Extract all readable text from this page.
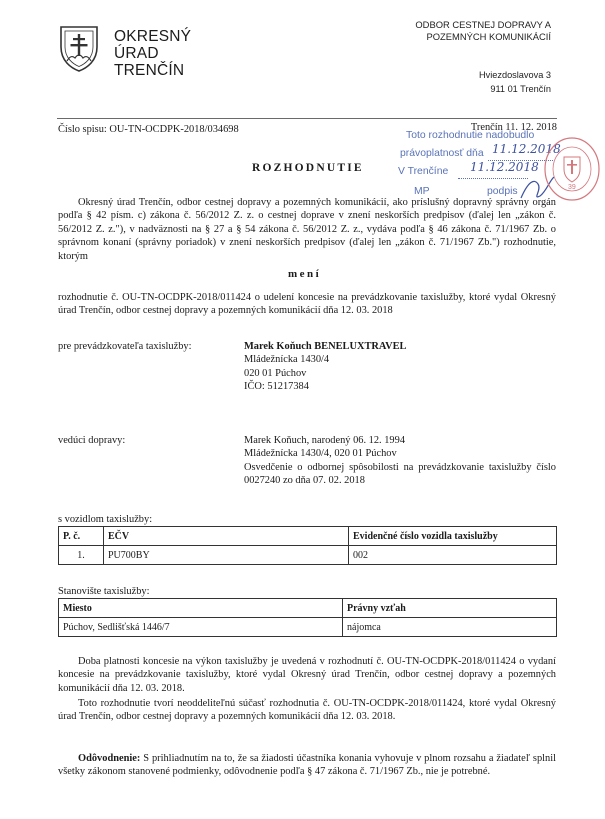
OKRESNÝ
ÚRAD
TRENČÍN
ODBOR CESTNEJ DOPRAVY A
POZEMNÝCH KOMUNIKÁCIÍ
Hviezdoslavova 3
911 01 Trenčín
Číslo spisu: OU-TN-OCDPK-2018/034698	Trenčín 11. 12. 2018
Toto rozhodnutie nadobudlo
právoplatnosť dňa 11.12.2018
V Trenčíne 11.12.2018
MP	podpis	39
ROZHODNUTIE
Okresný úrad Trenčín, odbor cestnej dopravy a pozemných komunikácií, ako príslušný dopravný správny orgán podľa § 42 písm. c) zákona č. 56/2012 Z. z. o cestnej doprave v znení neskorších predpisov (ďalej len „zákon č. 56/2012 Z. z."), v nadväznosti na § 27 a § 54 zákona č. 56/2012 Z. z., vydáva podľa § 46 zákona č. 71/1967 Zb. o správnom konaní (správny poriadok) v znení neskorších predpisov (ďalej len „zákon č. 71/1967 Zb.") rozhodnutie, ktorým
mení
rozhodnutie č. OU-TN-OCDPK-2018/011424 o udelení koncesie na prevádzkovanie taxislužby, ktoré vydal Okresný úrad Trenčín, odbor cestnej dopravy a pozemných komunikácií dňa 12. 03. 2018
pre prevádzkovateľa taxislužby:	Marek Koňuch BENELUXTRAVEL
Mládežnícka 1430/4
020 01 Púchov
IČO: 51217384
vedúci dopravy:	Marek Koňuch, narodený 06. 12. 1994
Mládežnícka 1430/4, 020 01 Púchov
Osvedčenie o odbornej spôsobilosti na prevádzkovanie taxislužby číslo
0027240 zo dňa 07. 02. 2018
s vozidlom taxislužby:
P. č.	EČV	Evidenčné číslo vozidla taxislužby
1.	PU700BY	002
Stanovište taxislužby:
Miesto	Právny vzťah
Púchov, Sedlišťská 1446/7	nájomca
Doba platnosti koncesie na výkon taxislužby je uvedená v rozhodnutí č. OU-TN-OCDPK-2018/011424 o vydaní koncesie na prevádzkovanie taxislužby, ktoré vydal Okresný úrad Trenčín, odbor cestnej dopravy a pozemných komunikácií dňa 12. 03. 2018.
Toto rozhodnutie tvorí neoddeliteľnú súčasť rozhodnutia č. OU-TN-OCDPK-2018/011424, ktoré vydal Okresný úrad Trenčín, odbor cestnej dopravy a pozemných komunikácií dňa 12. 03. 2018.
Odôvodnenie: S prihliadnutím na to, že sa žiadosti účastníka konania vyhovuje v plnom rozsahu a žiadateľ splnil všetky zákonom stanovené podmienky, odôvodnenie podľa § 47 zákona č. 71/1967 Zb., nie je potrebné.
